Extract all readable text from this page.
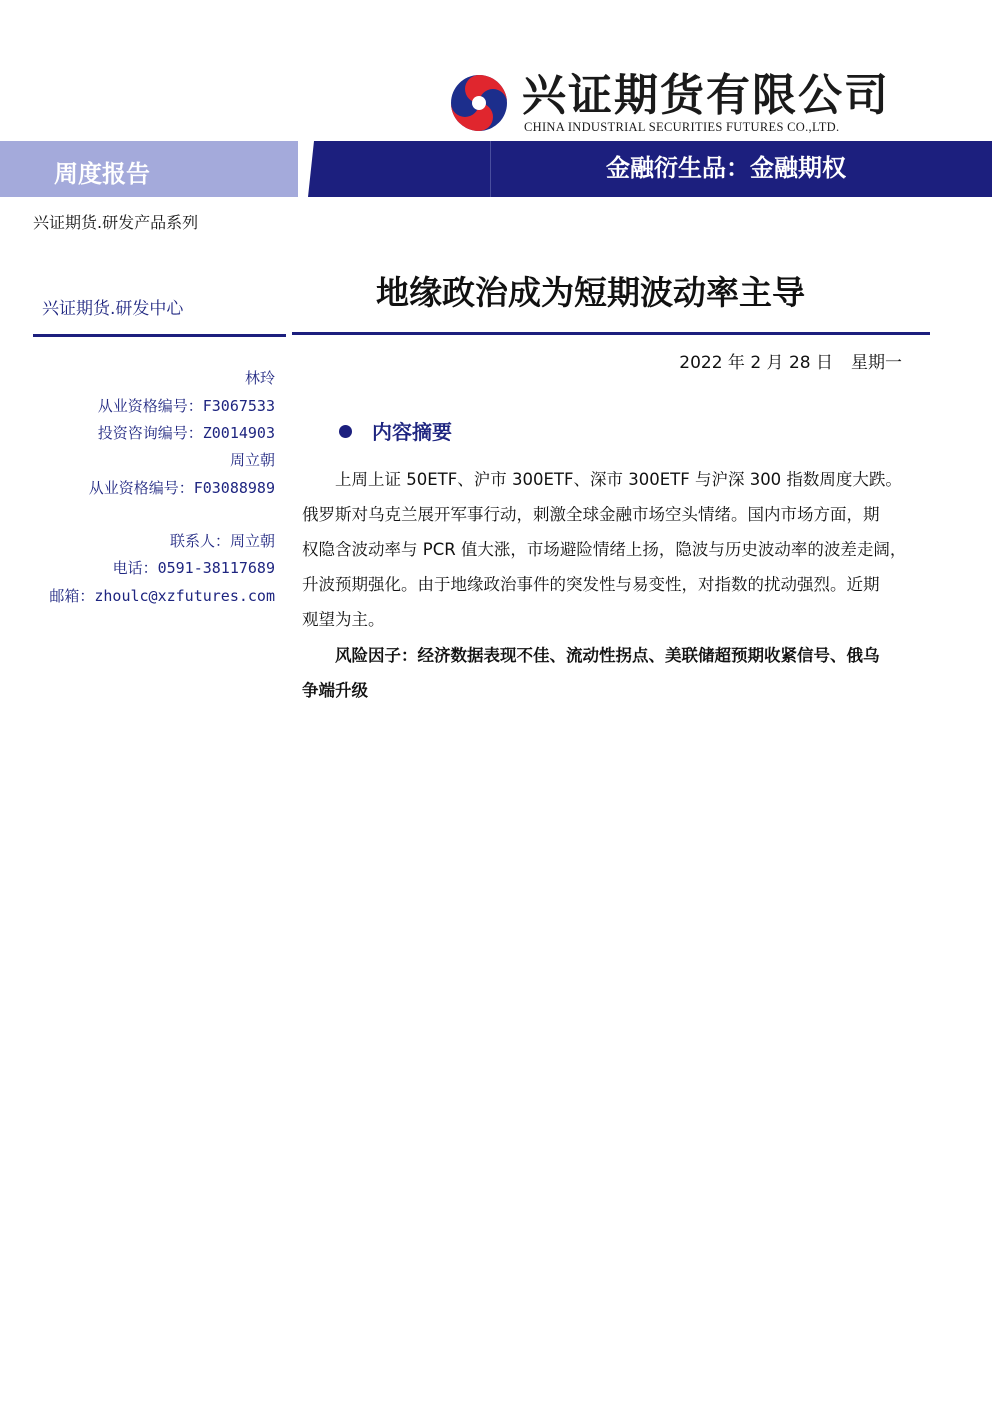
兴证期货有限公司
CHINA INDUSTRIAL SECURITIES FUTURES CO.,LTD.
周度报告	金融衍生品：金融期权
兴证期货.研发产品系列
兴证期货.研发中心
林玲
从业资格编号：F3067533
投资咨询编号：Z0014903
周立朝
从业资格编号：F03088989
联系人：周立朝
电话：0591-38117689
邮箱：zhoulc@xzfutures.com
地缘政治成为短期波动率主导
2022 年 2 月 28 日 星期一
内容摘要
　　上周上证 50ETF、沪市 300ETF、深市 300ETF 与沪深 300 指数周度大跌。
俄罗斯对乌克兰展开军事行动，刺激全球金融市场空头情绪。国内市场方面，期
权隐含波动率与 PCR 值大涨，市场避险情绪上扬，隐波与历史波动率的波差走阔，
升波预期强化。由于地缘政治事件的突发性与易变性，对指数的扰动强烈。近期
观望为主。
　　风险因子：经济数据表现不佳、流动性拐点、美联储超预期收紧信号、俄乌
争端升级
